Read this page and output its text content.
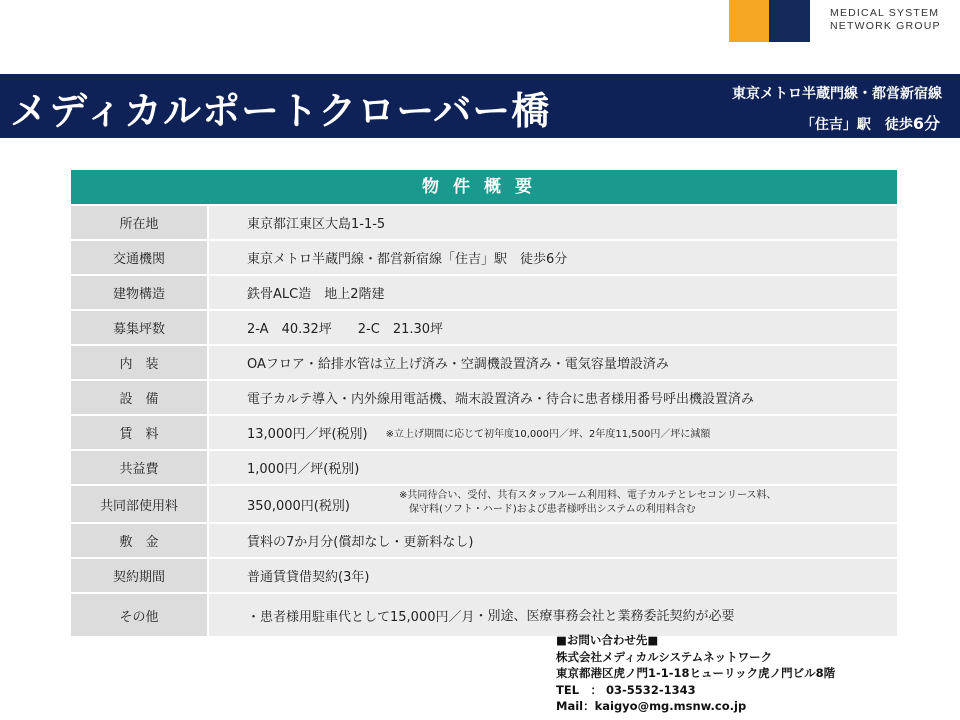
MEDICAL SYSTEM
NETWORK GROUP
メディカルポートクローバー橋	東京メトロ半蔵門線・都営新宿線
「住吉」駅　徒歩6分
物件概要
所在地	東京都江東区大島1-1-5
交通機関	東京メトロ半蔵門線・都営新宿線「住吉」駅　徒歩6分
建物構造	鉄骨ALC造　地上2階建
募集坪数	2-A　40.32坪　　2-C　21.30坪
内　装	OAフロア・給排水管は立上げ済み・空調機設置済み・電気容量増設済み
設　備	電子カルテ導入・内外線用電話機、端末設置済み・待合に患者様用番号呼出機設置済み
賃　料	13,000円／坪(税別) ※立上げ期間に応じて初年度10,000円／坪、2年度11,500円／坪に減額
共益費	1,000円／坪(税別)
共同部使用料	350,000円(税別)
※共同待合い、受付、共有スタッフルーム利用料、電子カルテとレセコンリース料、
保守料(ソフト・ハード)および患者様呼出システムの利用料含む
敷　金	賃料の7か月分(償却なし・更新料なし)
契約期間	普通賃貸借契約(3年)
その他	・患者様用駐車代として15,000円／月 ・別途、医療事務会社と業務委託契約が必要
■お問い合わせ先■
株式会社メディカルシステムネットワーク
東京都港区虎ノ門1-1-18ヒューリック虎ノ門ビル8階
TEL　： 03-5532-1343
Mail：kaigyo@mg.msnw.co.jp
